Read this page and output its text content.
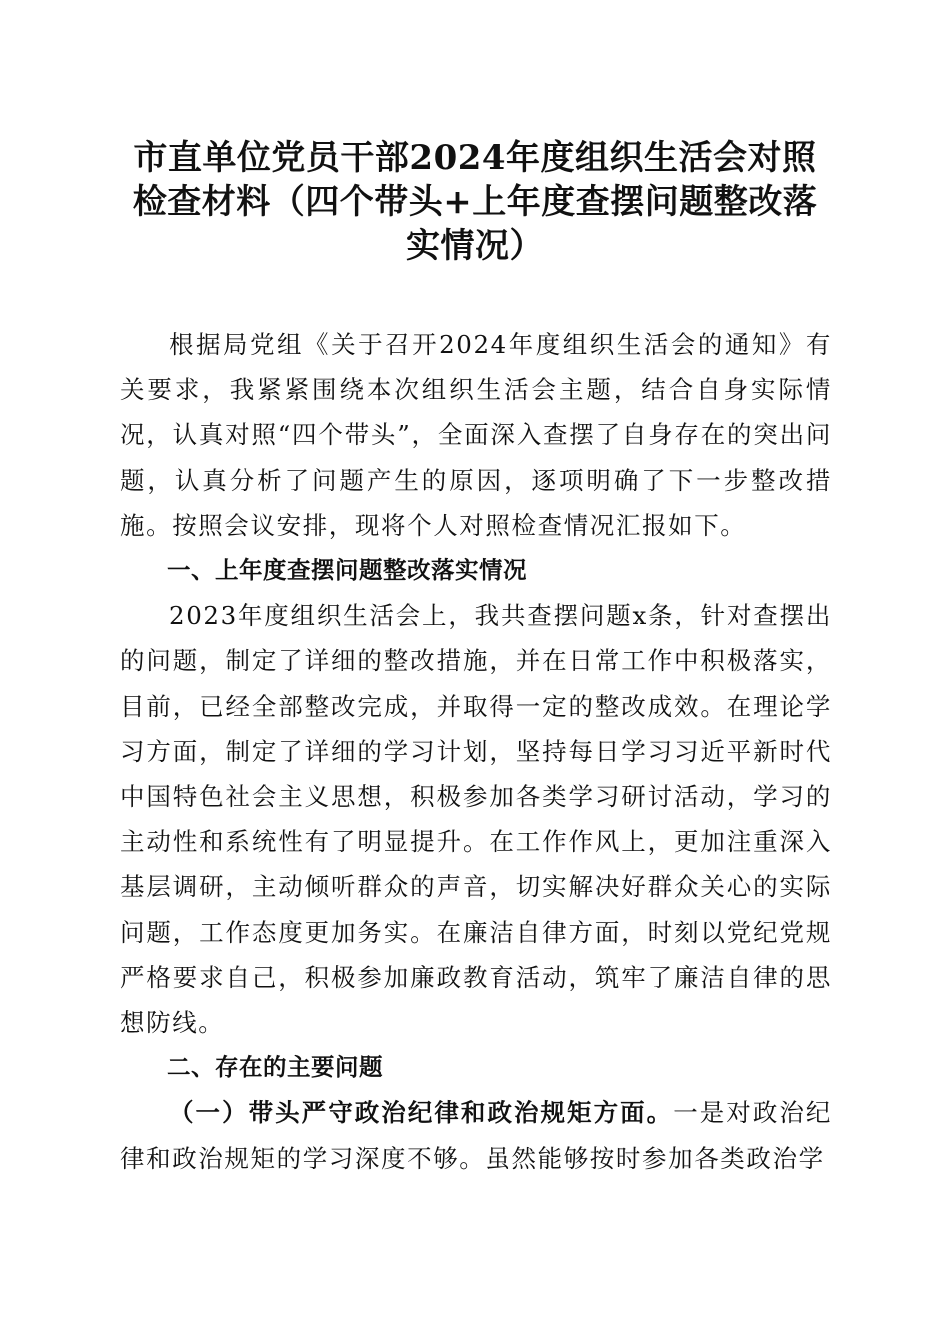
市直单位党员干部2024年度组织生活会对照
检查材料（四个带头+上年度查摆问题整改落
实情况）

根据局党组《关于召开2024年度组织生活会的通知》有关要求，我紧紧围绕本次组织生活会主题，结合自身实际情况，认真对照“四个带头”，全面深入查摆了自身存在的突出问题，认真分析了问题产生的原因，逐项明确了下一步整改措施。按照会议安排，现将个人对照检查情况汇报如下。

一、上年度查摆问题整改落实情况

2023年度组织生活会上，我共查摆问题x条，针对查摆出的问题，制定了详细的整改措施，并在日常工作中积极落实，目前，已经全部整改完成，并取得一定的整改成效。在理论学习方面，制定了详细的学习计划，坚持每日学习习近平新时代中国特色社会主义思想，积极参加各类学习研讨活动，学习的主动性和系统性有了明显提升。在工作作风上，更加注重深入基层调研，主动倾听群众的声音，切实解决好群众关心的实际问题，工作态度更加务实。在廉洁自律方面，时刻以党纪党规严格要求自己，积极参加廉政教育活动，筑牢了廉洁自律的思想防线。

二、存在的主要问题

（一）带头严守政治纪律和政治规矩方面。一是对政治纪律和政治规矩的学习深度不够。虽然能够按时参加各类政治学
